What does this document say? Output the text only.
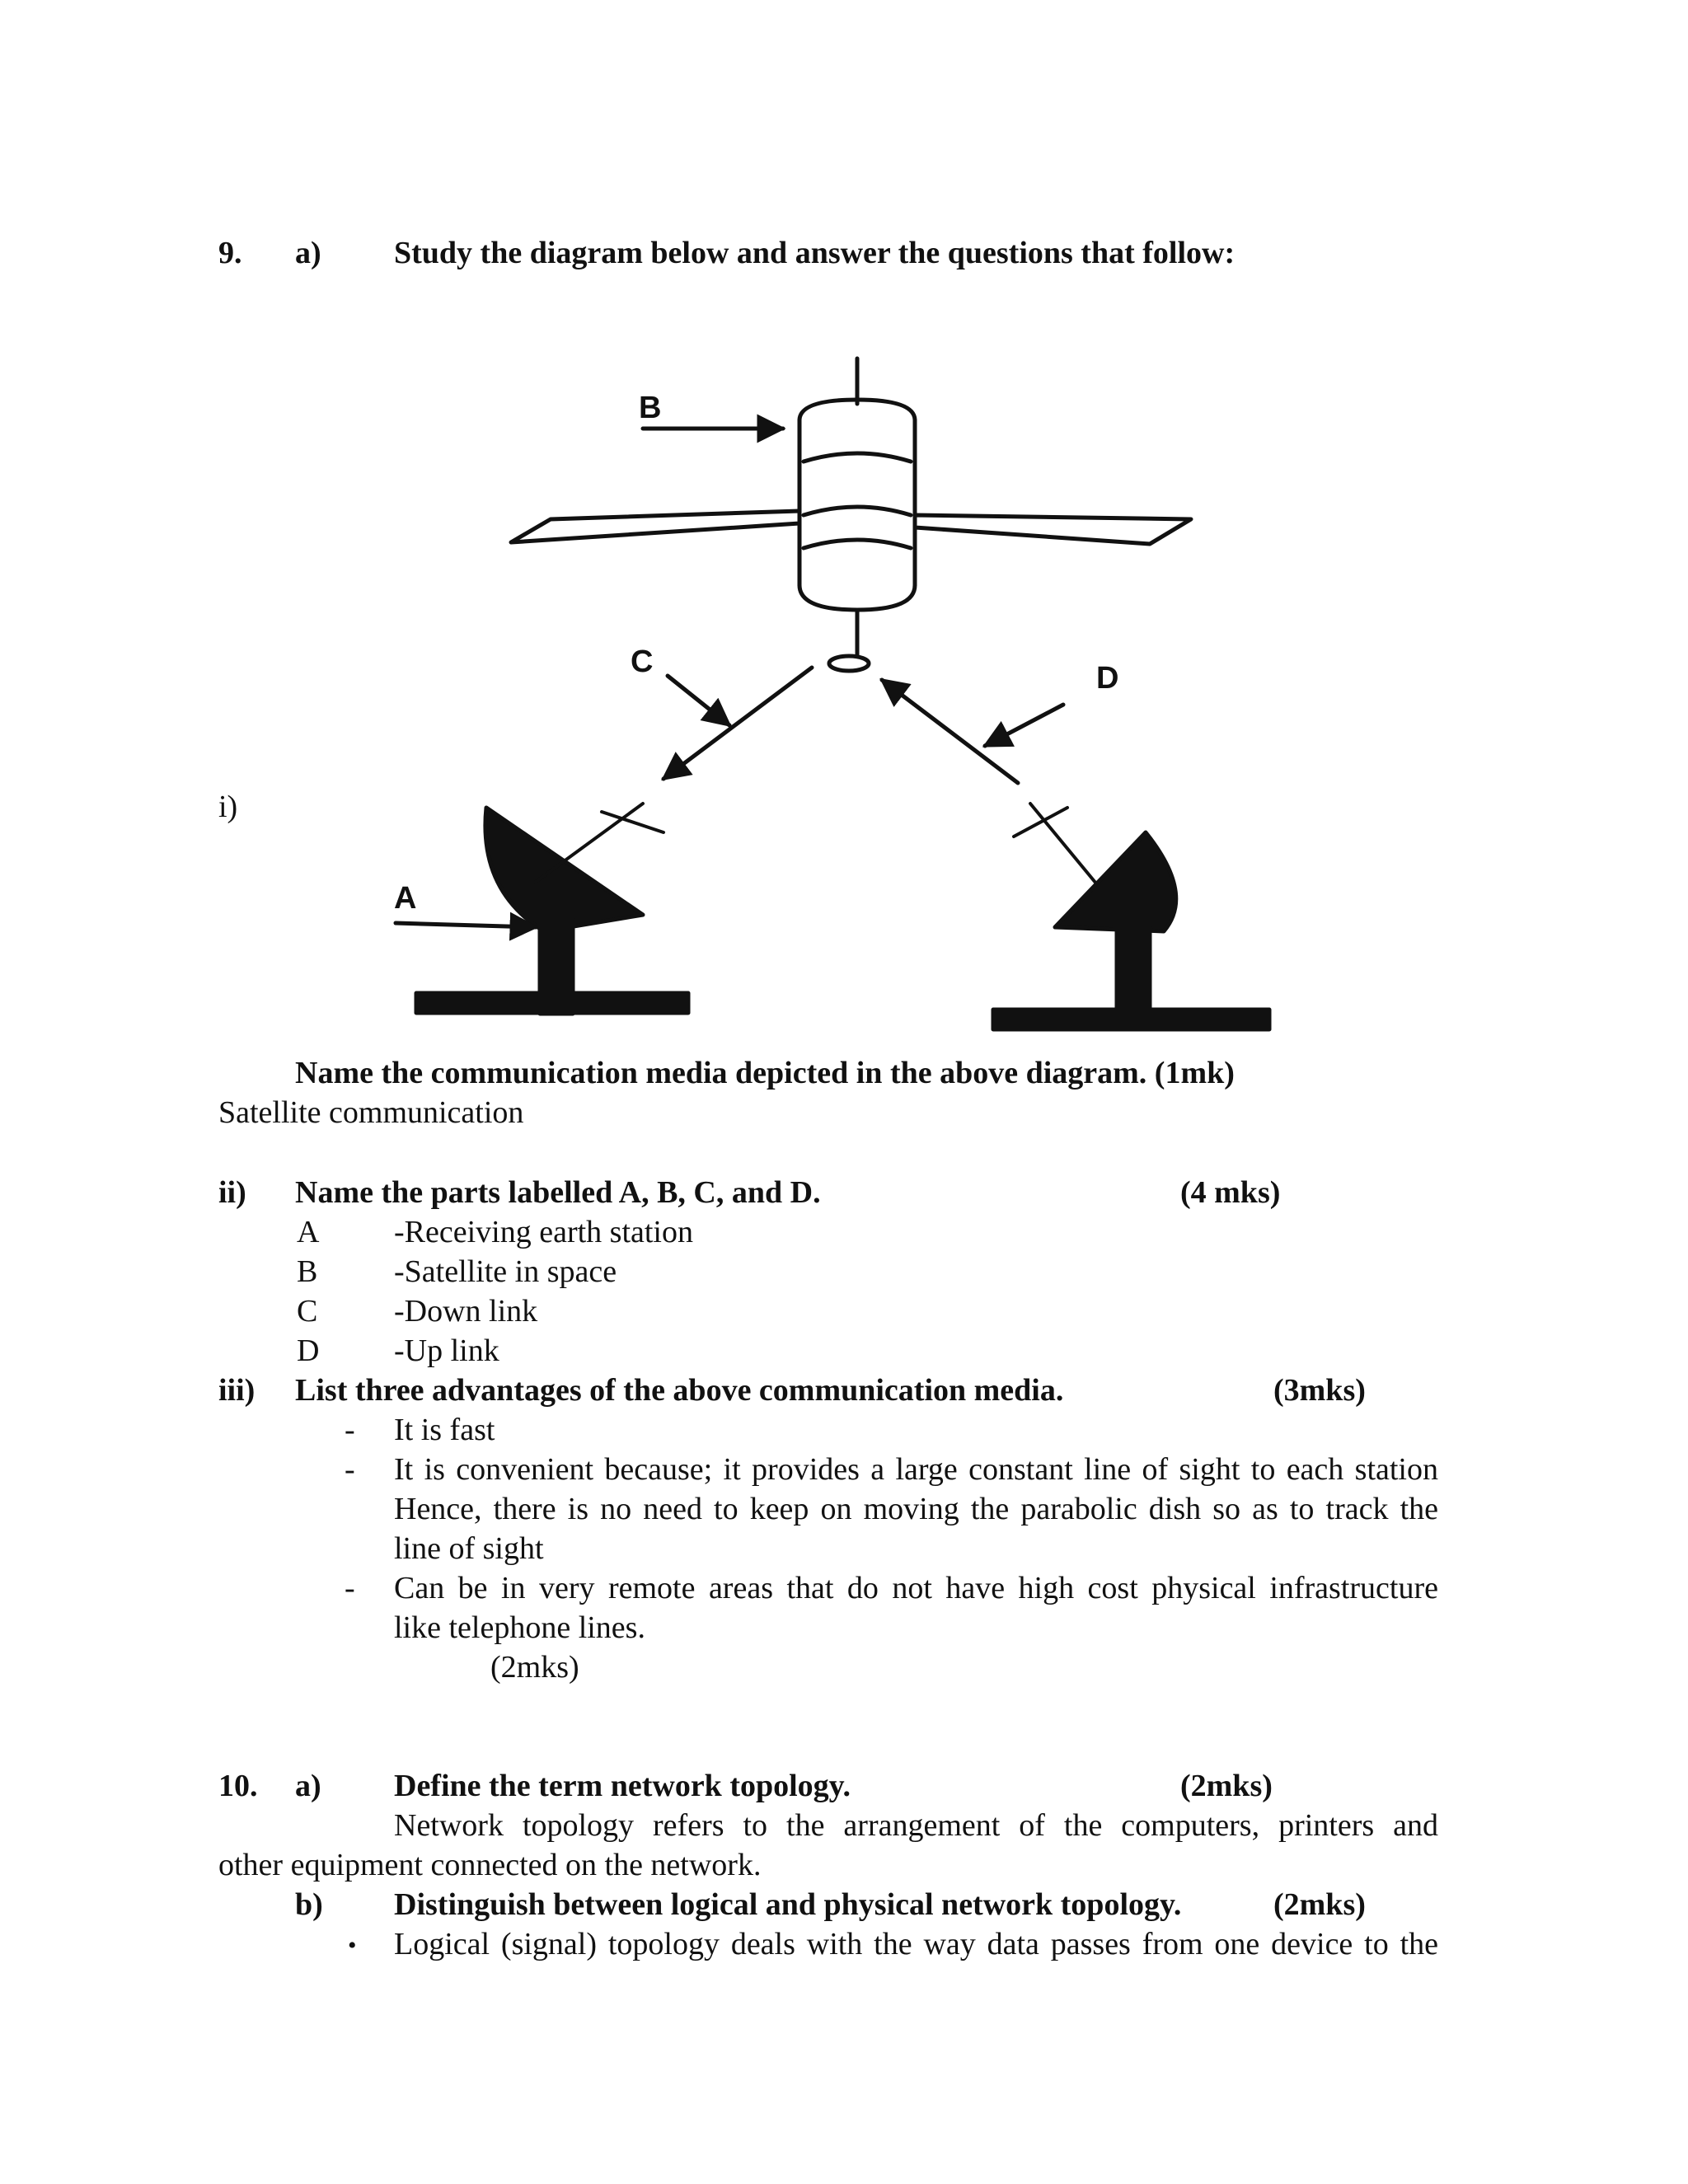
9. a) Study the diagram below and answer the questions that follow:
B
C	D
A
i)
Name the communication media depicted in the above diagram. (1mk)
Satellite communication
ii) Name the parts labelled A, B, C, and D.	(4 mks)
A -Receiving earth station
B -Satellite in space
C -Down link
D -Up link
iii) List three advantages of the above communication media.	(3mks)
- It is fast
- It is convenient because; it provides a large constant line of sight to each station
Hence, there is no need to keep on moving the parabolic dish so as to track the
line of sight
- Can be in very remote areas that do not have high cost physical infrastructure
like telephone lines.
(2mks)
10. a) Define the term network topology.	(2mks)
Network topology refers to the arrangement of the computers, printers and
other equipment connected on the network.
b) Distinguish between logical and physical network topology.	(2mks)
• Logical (signal) topology deals with the way data passes from one device to the
